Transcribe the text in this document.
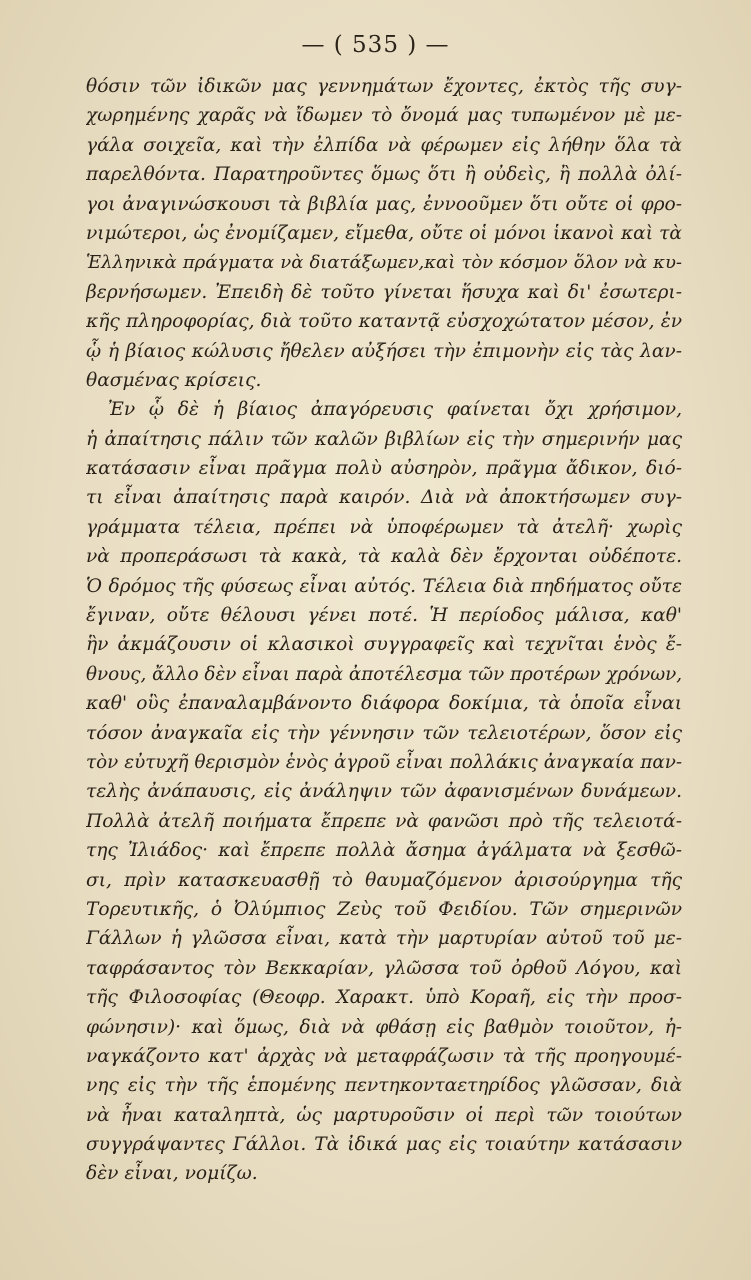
— ( 535 ) —
θόσιν τῶν ἰδικῶν μας γεννημάτων ἔχοντες, ἐκτὸς τῆς συγ-
χωρημένης χαρᾶς νὰ ἴδωμεν τὸ ὄνομά μας τυπωμένον μὲ με-
γάλα σοιχεῖα, καὶ τὴν ἐλπίδα νὰ φέρωμεν εἰς λήθην ὅλα τὰ
παρελθόντα. Παρατηροῦντες ὅμως ὅτι ἢ οὐδεὶς, ἢ πολλὰ ὀλί-
γοι ἀναγινώσκουσι τὰ βιβλία μας, ἐννοοῦμεν ὅτι οὔτε οἱ φρο-
νιμώτεροι, ὡς ἐνομίζαμεν, εἴμεθα, οὔτε οἱ μόνοι ἱκανοὶ καὶ τὰ
Ἑλληνικὰ πράγματα νὰ διατάξωμεν,καὶ τὸν κόσμον ὅλον νὰ κυ-
βερνήσωμεν. Ἐπειδὴ δὲ τοῦτο γίνεται ἥσυχα καὶ δι' ἐσωτερι-
κῆς πληροφορίας, διὰ τοῦτο καταντᾷ εὐσχοχώτατον μέσον, ἐν
ᾧ ἡ βίαιος κώλυσις ἤθελεν αὐξήσει τὴν ἐπιμονὴν εἰς τὰς λαν-
θασμένας κρίσεις.
Ἐν ᾧ δὲ ἡ βίαιος ἀπαγόρευσις φαίνεται ὄχι χρήσιμον,
ἡ ἀπαίτησις πάλιν τῶν καλῶν βιβλίων εἰς τὴν σημερινήν μας
κατάσασιν εἶναι πρᾶγμα πολὺ αὐσηρὸν, πρᾶγμα ἄδικον, διό-
τι εἶναι ἀπαίτησις παρὰ καιρόν. Διὰ νὰ ἀποκτήσωμεν συγ-
γράμματα τέλεια, πρέπει νὰ ὑποφέρωμεν τὰ ἀτελῆ· χωρὶς
νὰ προπεράσωσι τὰ κακὰ, τὰ καλὰ δὲν ἔρχονται οὐδέποτε.
Ὁ δρόμος τῆς φύσεως εἶναι αὐτός. Τέλεια διὰ πηδήματος οὔτε
ἔγιναν, οὔτε θέλουσι γένει ποτέ. Ἡ περίοδος μάλισα, καθ'
ἣν ἀκμάζουσιν οἱ κλασικοὶ συγγραφεῖς καὶ τεχνῖται ἑνὸς ἔ-
θνους, ἄλλο δὲν εἶναι παρὰ ἀποτέλεσμα τῶν προτέρων χρόνων,
καθ' οὓς ἐπαναλαμβάνοντο διάφορα δοκίμια, τὰ ὁποῖα εἶναι
τόσον ἀναγκαῖα εἰς τὴν γέννησιν τῶν τελειοτέρων, ὅσον εἰς
τὸν εὐτυχῆ θερισμὸν ἑνὸς ἀγροῦ εἶναι πολλάκις ἀναγκαία παν-
τελὴς ἀνάπαυσις, εἰς ἀνάληψιν τῶν ἀφανισμένων δυνάμεων.
Πολλὰ ἀτελῆ ποιήματα ἔπρεπε νὰ φανῶσι πρὸ τῆς τελειοτά-
της Ἰλιάδος· καὶ ἔπρεπε πολλὰ ἄσημα ἀγάλματα νὰ ξεσθῶ-
σι, πρὶν κατασκευασθῇ τὸ θαυμαζόμενον ἀρισούργημα τῆς
Τορευτικῆς, ὁ Ὀλύμπιος Ζεὺς τοῦ Φειδίου. Τῶν σημερινῶν
Γάλλων ἡ γλῶσσα εἶναι, κατὰ τὴν μαρτυρίαν αὐτοῦ τοῦ με-
ταφράσαντος τὸν Βεκκαρίαν, γλῶσσα τοῦ ὀρθοῦ Λόγου, καὶ
τῆς Φιλοσοφίας (Θεοφρ. Χαρακτ. ὑπὸ Κοραῆ, εἰς τὴν προσ-
φώνησιν)· καὶ ὅμως, διὰ νὰ φθάσῃ εἰς βαθμὸν τοιοῦτον, ἠ-
ναγκάζοντο κατ' ἀρχὰς νὰ μεταφράζωσιν τὰ τῆς προηγουμέ-
νης εἰς τὴν τῆς ἑπομένης πεντηκονταετηρίδος γλῶσσαν, διὰ
νὰ ἦναι καταληπτὰ, ὡς μαρτυροῦσιν οἱ περὶ τῶν τοιούτων
συγγράψαντες Γάλλοι. Τὰ ἰδικά μας εἰς τοιαύτην κατάσασιν
δὲν εἶναι, νομίζω.
